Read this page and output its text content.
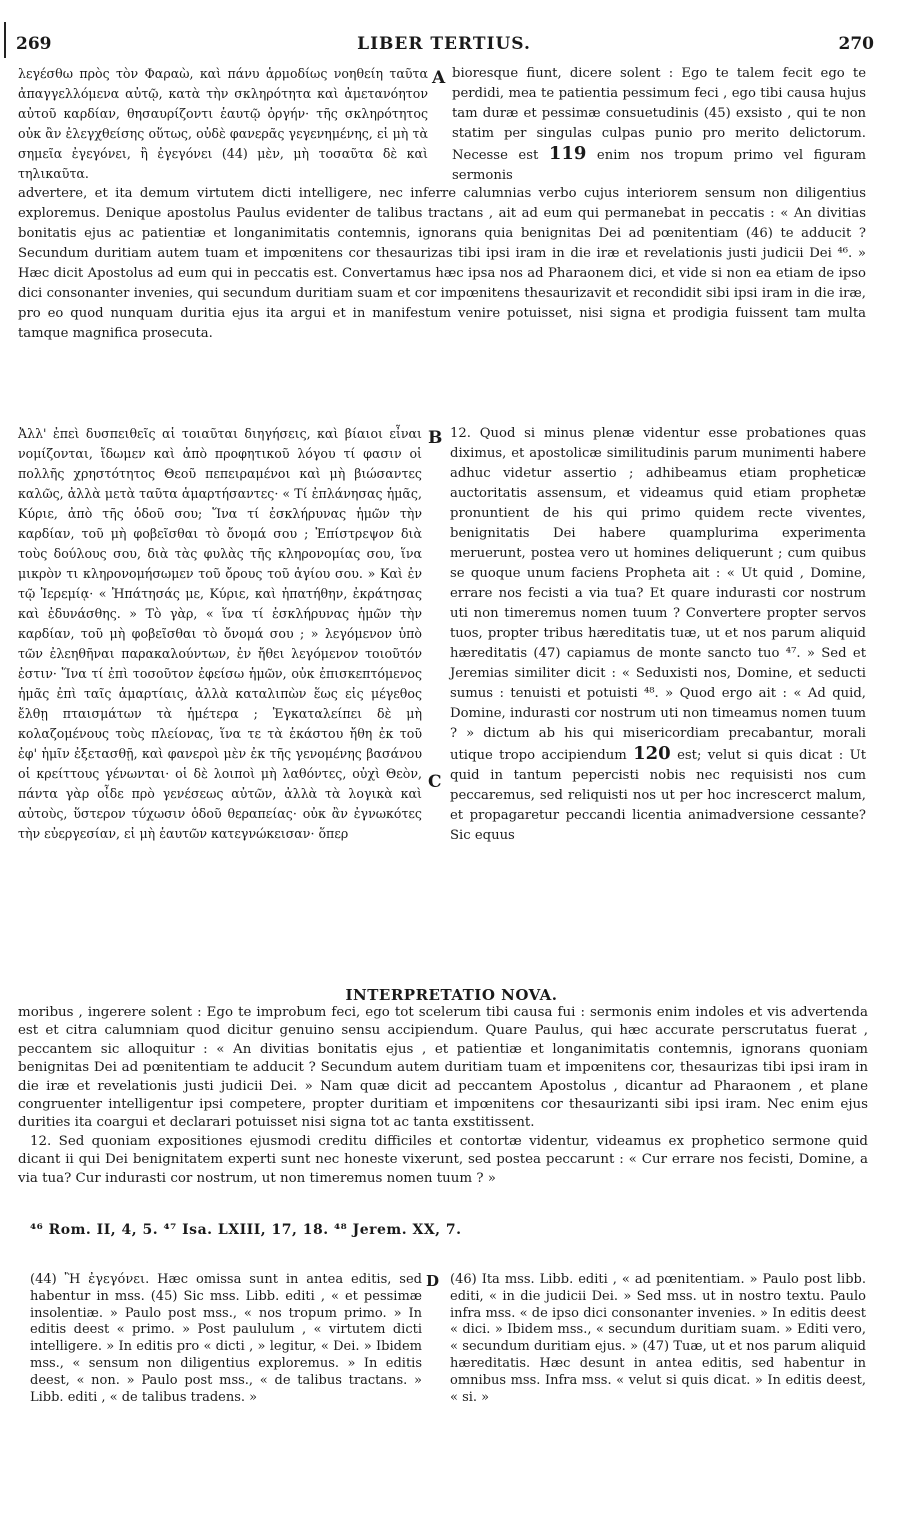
269	LIBER TERTIUS.	270

λεγέσθω πρὸς τὸν Φαραὼ, καὶ πάνυ ἁρμοδίως νοηθείη ταῦτα ἀπαγγελλόμενα αὐτῷ, κατὰ τὴν σκληρότητα καὶ ἀμετανόητον αὐτοῦ καρδίαν, θησαυρίζοντι ἑαυτῷ ὀργήν· τῆς σκληρότητος οὐκ ἂν ἐλεγχθείσης οὕτως, οὐδὲ φανερᾶς γεγενημένης, εἰ μὴ τὰ σημεῖα ἐγεγόνει, ἢ ἐγεγόνει (44) μὲν, μὴ τοσαῦτα δὲ καὶ τηλικαῦτα.

A bioresque fiunt, dicere solent : Ego te talem fecit ego te perdidi, mea te patientia pessimum feci , ego tibi causa hujus tam duræ et pessimæ consuetudinis (45) exsisto , qui te non statim per singulas culpas punio pro merito delictorum. Necesse est 119 enim nos tropum primo vel figuram sermonis

advertere, et ita demum virtutem dicti intelligere, nec inferre calumnias verbo cujus interiorem sensum non diligentius exploremus. Denique apostolus Paulus evidenter de talibus tractans , ait ad eum qui permanebat in peccatis : « An divitias bonitatis ejus ac patientiæ et longanimitatis contemnis, ignorans quia benignitas Dei ad pœnitentiam (46) te adducit ? Secundum duritiam autem tuam et impœnitens cor thesaurizas tibi ipsi iram in die iræ et revelationis justi judicii Dei ⁴⁶. » Hæc dicit Apostolus ad eum qui in peccatis est. Convertamus hæc ipsa nos ad Pharaonem dici, et vide si non ea etiam de ipso dici consonanter invenies, qui secundum duritiam suam et cor impœnitens thesaurizavit et recondidit sibi ipsi iram in die iræ, pro eo quod nunquam duritia ejus ita argui et in manifestum venire potuisset, nisi signa et prodigia fuissent tam multa tamque magnifica prosecuta.

Ἀλλ' ἐπεὶ δυσπειθεῖς αἱ τοιαῦται διηγήσεις, καὶ βίαιοι εἶναι νομίζονται, ἴδωμεν καὶ ἀπὸ προφητικοῦ λόγου τί φασιν οἱ πολλῆς χρηστότητος Θεοῦ πεπειραμένοι καὶ μὴ βιώσαντες καλῶς, ἀλλὰ μετὰ ταῦτα ἁμαρτήσαντες· « Τί ἐπλάνησας ἡμᾶς, Κύριε, ἀπὸ τῆς ὁδοῦ σου; Ἵνα τί ἐσκλήρυνας ἡμῶν τὴν καρδίαν, τοῦ μὴ φοβεῖσθαι τὸ ὄνομά σου ; Ἐπίστρεψον διὰ τοὺς δούλους σου, διὰ τὰς φυλὰς τῆς κληρονομίας σου, ἵνα μικρὸν τι κληρονομήσωμεν τοῦ ὄρους τοῦ ἁγίου σου. » Καὶ ἐν τῷ Ἱερεμίᾳ· « Ἠπάτησάς με, Κύριε, καὶ ἠπατήθην, ἐκράτησας καὶ ἐδυνάσθης. » Τὸ γὰρ, « ἵνα τί ἐσκλήρυνας ἡμῶν τὴν καρδίαν, τοῦ μὴ φοβεῖσθαι τὸ ὄνομά σου ; » λεγόμενον ὑπὸ τῶν ἐλεηθῆναι παρακαλούντων, ἐν ἤθει λεγόμενον τοιοῦτόν ἐστιν· Ἵνα τί ἐπὶ τοσοῦτον ἐφείσω ἡμῶν, οὐκ ἐπισκεπτόμενος ἡμᾶς ἐπὶ ταῖς ἁμαρτίαις, ἀλλὰ καταλιπὼν ἕως εἰς μέγεθος ἔλθῃ πταισμάτων τὰ ἡμέτερα ; Ἐγκαταλείπει δὲ μὴ κολαζομένους τοὺς πλείονας, ἵνα τε τὰ ἑκάστου ἤθη ἐκ τοῦ ἐφ' ἡμῖν ἐξετασθῇ, καὶ φανεροὶ μὲν ἐκ τῆς γενομένης βασάνου οἱ κρείττους γένωνται· οἱ δὲ λοιποὶ μὴ λαθόντες, οὐχὶ Θεὸν, πάντα γὰρ οἶδε πρὸ γενέσεως αὐτῶν, ἀλλὰ τὰ λογικὰ καὶ αὐτοὺς, ὕστερον τύχωσιν ὁδοῦ θεραπείας· οὐκ ἂν ἐγνωκότες τὴν εὐεργεσίαν, εἰ μὴ ἑαυτῶν κατεγνώκεισαν· ὅπερ

B
C

12. Quod si minus plenæ videntur esse probationes quas diximus, et apostolicæ similitudinis parum munimenti habere adhuc videtur assertio ; adhibeamus etiam propheticæ auctoritatis assensum, et videamus quid etiam prophetæ pronuntient de his qui primo quidem recte viventes, benignitatis Dei habere quamplurima experimenta meruerunt, postea vero ut homines deliquerunt ; cum quibus se quoque unum faciens Propheta ait : « Ut quid , Domine, errare nos fecisti a via tua? Et quare indurasti cor nostrum uti non timeremus nomen tuum ? Convertere propter servos tuos, propter tribus hæreditatis tuæ, ut et nos parum aliquid hæreditatis (47) capiamus de monte sancto tuo ⁴⁷. » Sed et Jeremias similiter dicit : « Seduxisti nos, Domine, et seducti sumus : tenuisti et potuisti ⁴⁸. » Quod ergo ait : « Ad quid, Domine, indurasti cor nostrum uti non timeamus nomen tuum ? » dictum ab his qui misericordiam precabantur, morali utique tropo accipiendum 120 est; velut si quis dicat : Ut quid in tantum pepercisti nobis nec requisisti nos cum peccaremus, sed reliquisti nos ut per hoc increscerct malum, et propagaretur peccandi licentia animadversione cessante? Sic equus

INTERPRETATIO NOVA.

moribus , ingerere solent : Ego te improbum feci, ego tot scelerum tibi causa fui : sermonis enim indoles et vis advertenda est et citra calumniam quod dicitur genuino sensu accipiendum. Quare Paulus, qui hæc accurate perscrutatus fuerat , peccantem sic alloquitur : « An divitias bonitatis ejus , et patientiæ et longanimitatis contemnis, ignorans quoniam benignitas Dei ad pœnitentiam te adducit ? Secundum autem duritiam tuam et impœnitens cor, thesaurizas tibi ipsi iram in die iræ et revelationis justi judicii Dei. » Nam quæ dicit ad peccantem Apostolus , dicantur ad Pharaonem , et plane congruenter intelligentur ipsi competere, propter duritiam et impœnitens cor thesaurizanti sibi ipsi iram. Nec enim ejus durities ita coargui et declarari potuisset nisi signa tot ac tanta exstitissent.

12. Sed quoniam expositiones ejusmodi creditu difficiles et contortæ videntur, videamus ex prophetico sermone quid dicant ii qui Dei benignitatem experti sunt nec honeste vixerunt, sed postea peccarunt : « Cur errare nos fecisti, Domine, a via tua? Cur indurasti cor nostrum, ut non timeremus nomen tuum ? »

⁴⁶ Rom. II, 4, 5. ⁴⁷ Isa. LXIII, 17, 18. ⁴⁸ Jerem. XX, 7.

(44) Ἢ ἐγεγόνει. Hæc omissa sunt in antea editis, sed habentur in mss. (45) Sic mss. Libb. editi , « et pessimæ insolentiæ. » Paulo post mss., « nos tropum primo. » In editis deest « primo. » Post paululum , « virtutem dicti intelligere. » In editis pro « dicti , » legitur, « Dei. » Ibidem mss., « sensum non diligentius exploremus. » In editis deest, « non. » Paulo post mss., « de talibus tractans. » Libb. editi , « de talibus tradens. »

D (46) Ita mss. Libb. editi , « ad pœnitentiam. » Paulo post libb. editi, « in die judicii Dei. » Sed mss. ut in nostro textu. Paulo infra mss. « de ipso dici consonanter invenies. » In editis deest « dici. » Ibidem mss., « secundum duritiam suam. » Editi vero, « secundum duritiam ejus. » (47) Tuæ, ut et nos parum aliquid hæreditatis. Hæc desunt in antea editis, sed habentur in omnibus mss. Infra mss. « velut si quis dicat. » In editis deest, « si. »
